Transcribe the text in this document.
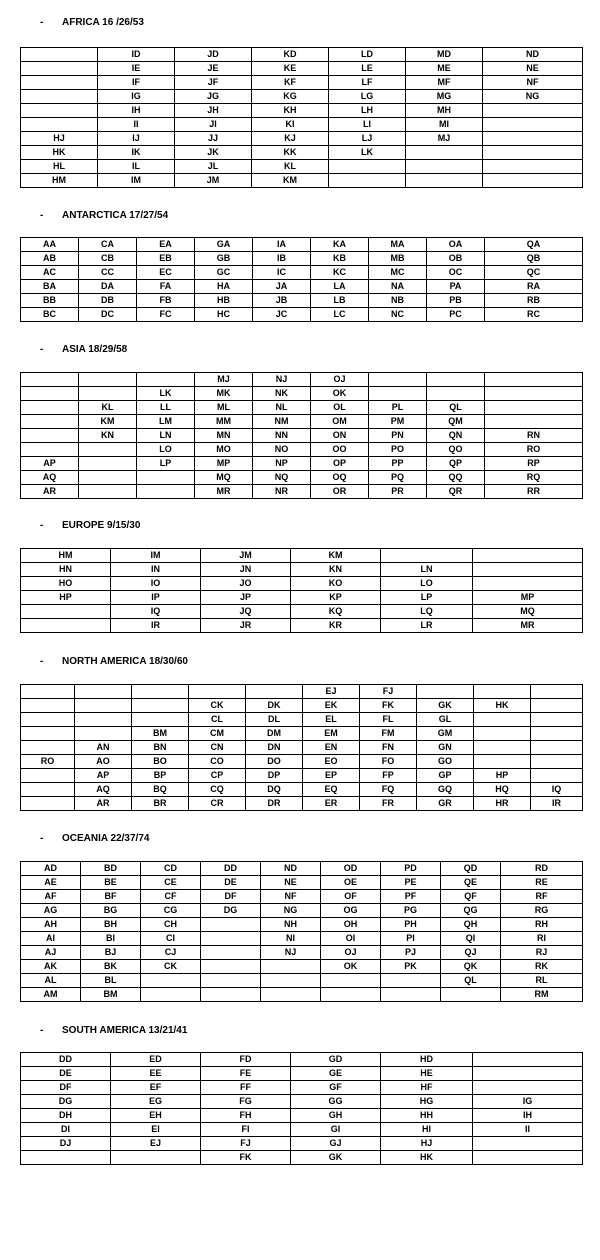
- AFRICA 16 /26/53
	ID	JD	KD	LD	MD	ND
	IE	JE	KE	LE	ME	NE
	IF	JF	KF	LF	MF	NF
	IG	JG	KG	LG	MG	NG
	IH	JH	KH	LH	MH	
	II	JI	KI	LI	MI	
HJ	IJ	JJ	KJ	LJ	MJ	
HK	IK	JK	KK	LK		
HL	IL	JL	KL			
HM	IM	JM	KM			
- ANTARCTICA 17/27/54
AA	CA	EA	GA	IA	KA	MA	OA	QA
AB	CB	EB	GB	IB	KB	MB	OB	QB
AC	CC	EC	GC	IC	KC	MC	OC	QC
BA	DA	FA	HA	JA	LA	NA	PA	RA
BB	DB	FB	HB	JB	LB	NB	PB	RB
BC	DC	FC	HC	JC	LC	NC	PC	RC
- ASIA 18/29/58
			MJ	NJ	OJ			
		LK	MK	NK	OK			
	KL	LL	ML	NL	OL	PL	QL	
	KM	LM	MM	NM	OM	PM	QM	
	KN	LN	MN	NN	ON	PN	QN	RN
		LO	MO	NO	OO	PO	QO	RO
AP		LP	MP	NP	OP	PP	QP	RP
AQ			MQ	NQ	OQ	PQ	QQ	RQ
AR			MR	NR	OR	PR	QR	RR
- EUROPE 9/15/30
HM	IM	JM	KM		
HN	IN	JN	KN	LN	
HO	IO	JO	KO	LO	
HP	IP	JP	KP	LP	MP
	IQ	JQ	KQ	LQ	MQ
	IR	JR	KR	LR	MR
- NORTH AMERICA 18/30/60
					EJ	FJ			
			CK	DK	EK	FK	GK	HK	
			CL	DL	EL	FL	GL		
		BM	CM	DM	EM	FM	GM		
	AN	BN	CN	DN	EN	FN	GN		
RO	AO	BO	CO	DO	EO	FO	GO		
	AP	BP	CP	DP	EP	FP	GP	HP	
	AQ	BQ	CQ	DQ	EQ	FQ	GQ	HQ	IQ
	AR	BR	CR	DR	ER	FR	GR	HR	IR
- OCEANIA 22/37/74
AD	BD	CD	DD	ND	OD	PD	QD	RD
AE	BE	CE	DE	NE	OE	PE	QE	RE
AF	BF	CF	DF	NF	OF	PF	QF	RF
AG	BG	CG	DG	NG	OG	PG	QG	RG
AH	BH	CH		NH	OH	PH	QH	RH
AI	BI	CI		NI	OI	PI	QI	RI
AJ	BJ	CJ		NJ	OJ	PJ	QJ	RJ
AK	BK	CK			OK	PK	QK	RK
AL	BL						QL	RL
AM	BM							RM
- SOUTH AMERICA 13/21/41
DD	ED	FD	GD	HD	
DE	EE	FE	GE	HE	
DF	EF	FF	GF	HF	
DG	EG	FG	GG	HG	IG
DH	EH	FH	GH	HH	IH
DI	EI	FI	GI	HI	II
DJ	EJ	FJ	GJ	HJ	
		FK	GK	HK	
